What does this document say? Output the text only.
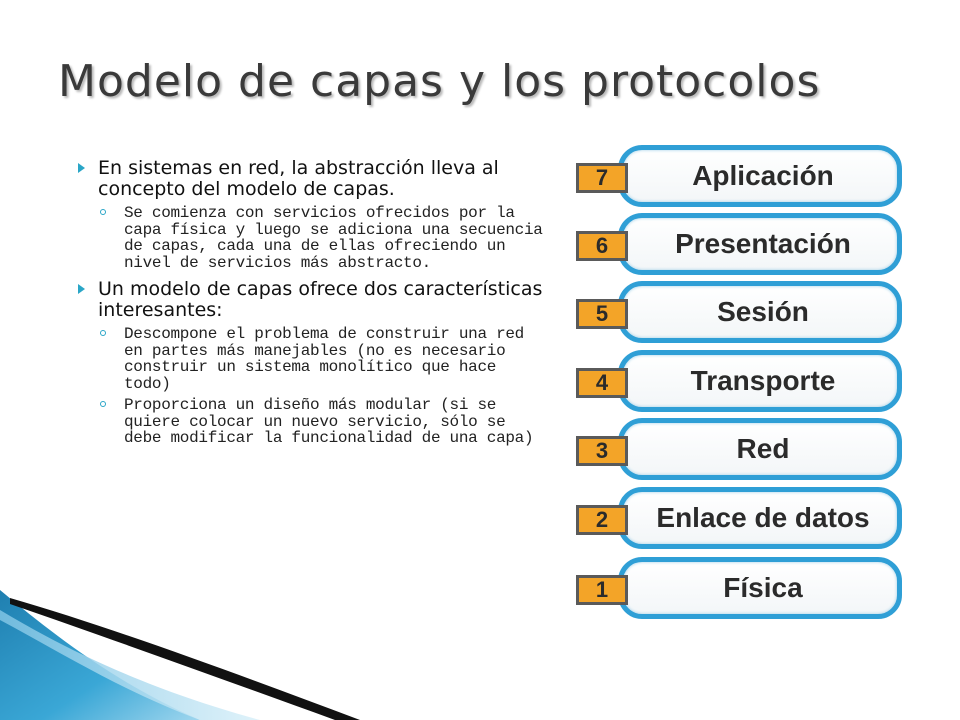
Modelo de capas y los protocolos
En sistemas en red, la abstracción lleva al concepto del modelo de capas.
Se comienza con servicios ofrecidos por la capa física y luego se adiciona una secuencia de capas, cada una de ellas ofreciendo un nivel de servicios más abstracto.
Un modelo de capas ofrece dos características interesantes:
Descompone el problema de construir una red en partes más manejables (no es necesario construir un sistema monolítico que hace todo)
Proporciona un diseño más modular (si se quiere colocar un nuevo servicio, sólo se debe modificar la funcionalidad de una capa)
Aplicación
7
Presentación
6
Sesión
5
Transporte
4
Red
3
Enlace de datos
2
Física
1
